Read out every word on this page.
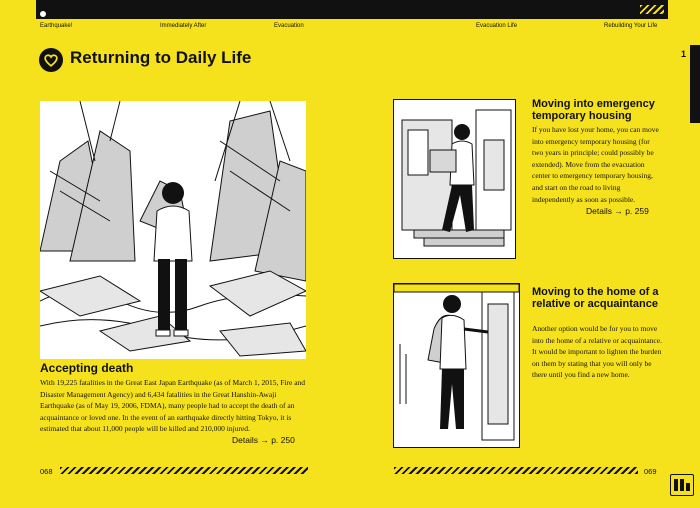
Earthquake!	Immediately After	Evacuation	Evacuation Life	Rebuilding Your Life
Returning to Daily Life	1
Accepting death
With 19,225 fatalities in the Great East Japan Earthquake (as of March 1, 2015, Fire and Disaster Management Agency) and 6,434 fatalities in the Great Hanshin-Awaji Earthquake (as of May 19, 2006, FDMA), many people had to accept the death of an acquaintance or loved one. In the event of an earthquake directly hitting Tokyo, it is estimated that about 11,000 people will be killed and 210,000 injured.
Details → p. 250
Moving into emergency temporary housing
If you have lost your home, you can move into emergency temporary housing (for two years in principle; could possibly be extended). Move from the evacuation center to emergency temporary housing, and start on the road to living independently as soon as possible.
Details → p. 259
Moving to the home of a relative or acquaintance
Another option would be for you to move into the home of a relative or acquaintance. It would be important to lighten the burden on them by stating that you will only be there until you find a new home.
068	069
